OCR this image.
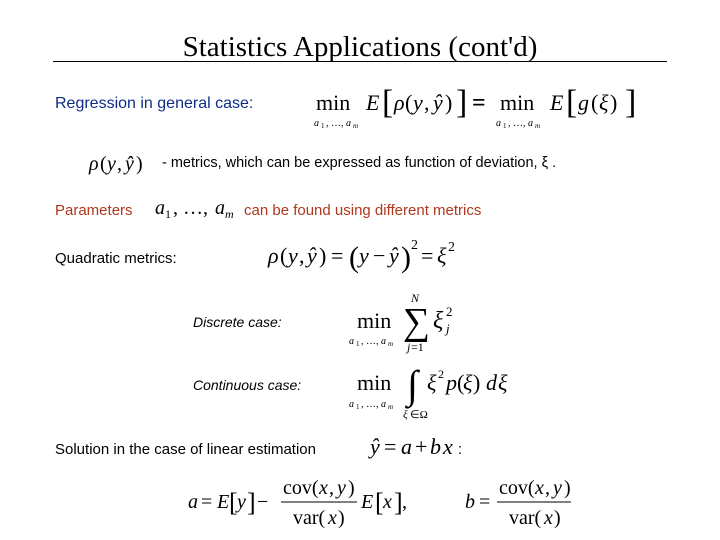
Statistics Applications (cont'd)
Regression in general case:	min
a 1 , …, a m
E [ ρ ( y , ŷ ) ] = min
a 1 , …, a m
E [ g ( ξ ) ]
ρ ( y , ŷ ) - metrics, which can be expressed as function of deviation, ξ .
Parameters a 1 , …, a m can be found using different metrics
Quadratic metrics:	ρ ( y , ŷ ) = ( y − ŷ ) 2 = ξ 2
Discrete case:	min
a 1 , …, a m
N
∑
j =1
ξ 2
j
Continuous case:	min
a 1 , …, a m ∫
ξ ∈Ω
ξ 2 p (
ξ ) d ξ
Solution in the case of linear estimation ŷ = a + b x :
a = E [ y ] −
cov( x , y )
var( x )
E [ x ] ,	b =
cov( x , y )
var( x )
